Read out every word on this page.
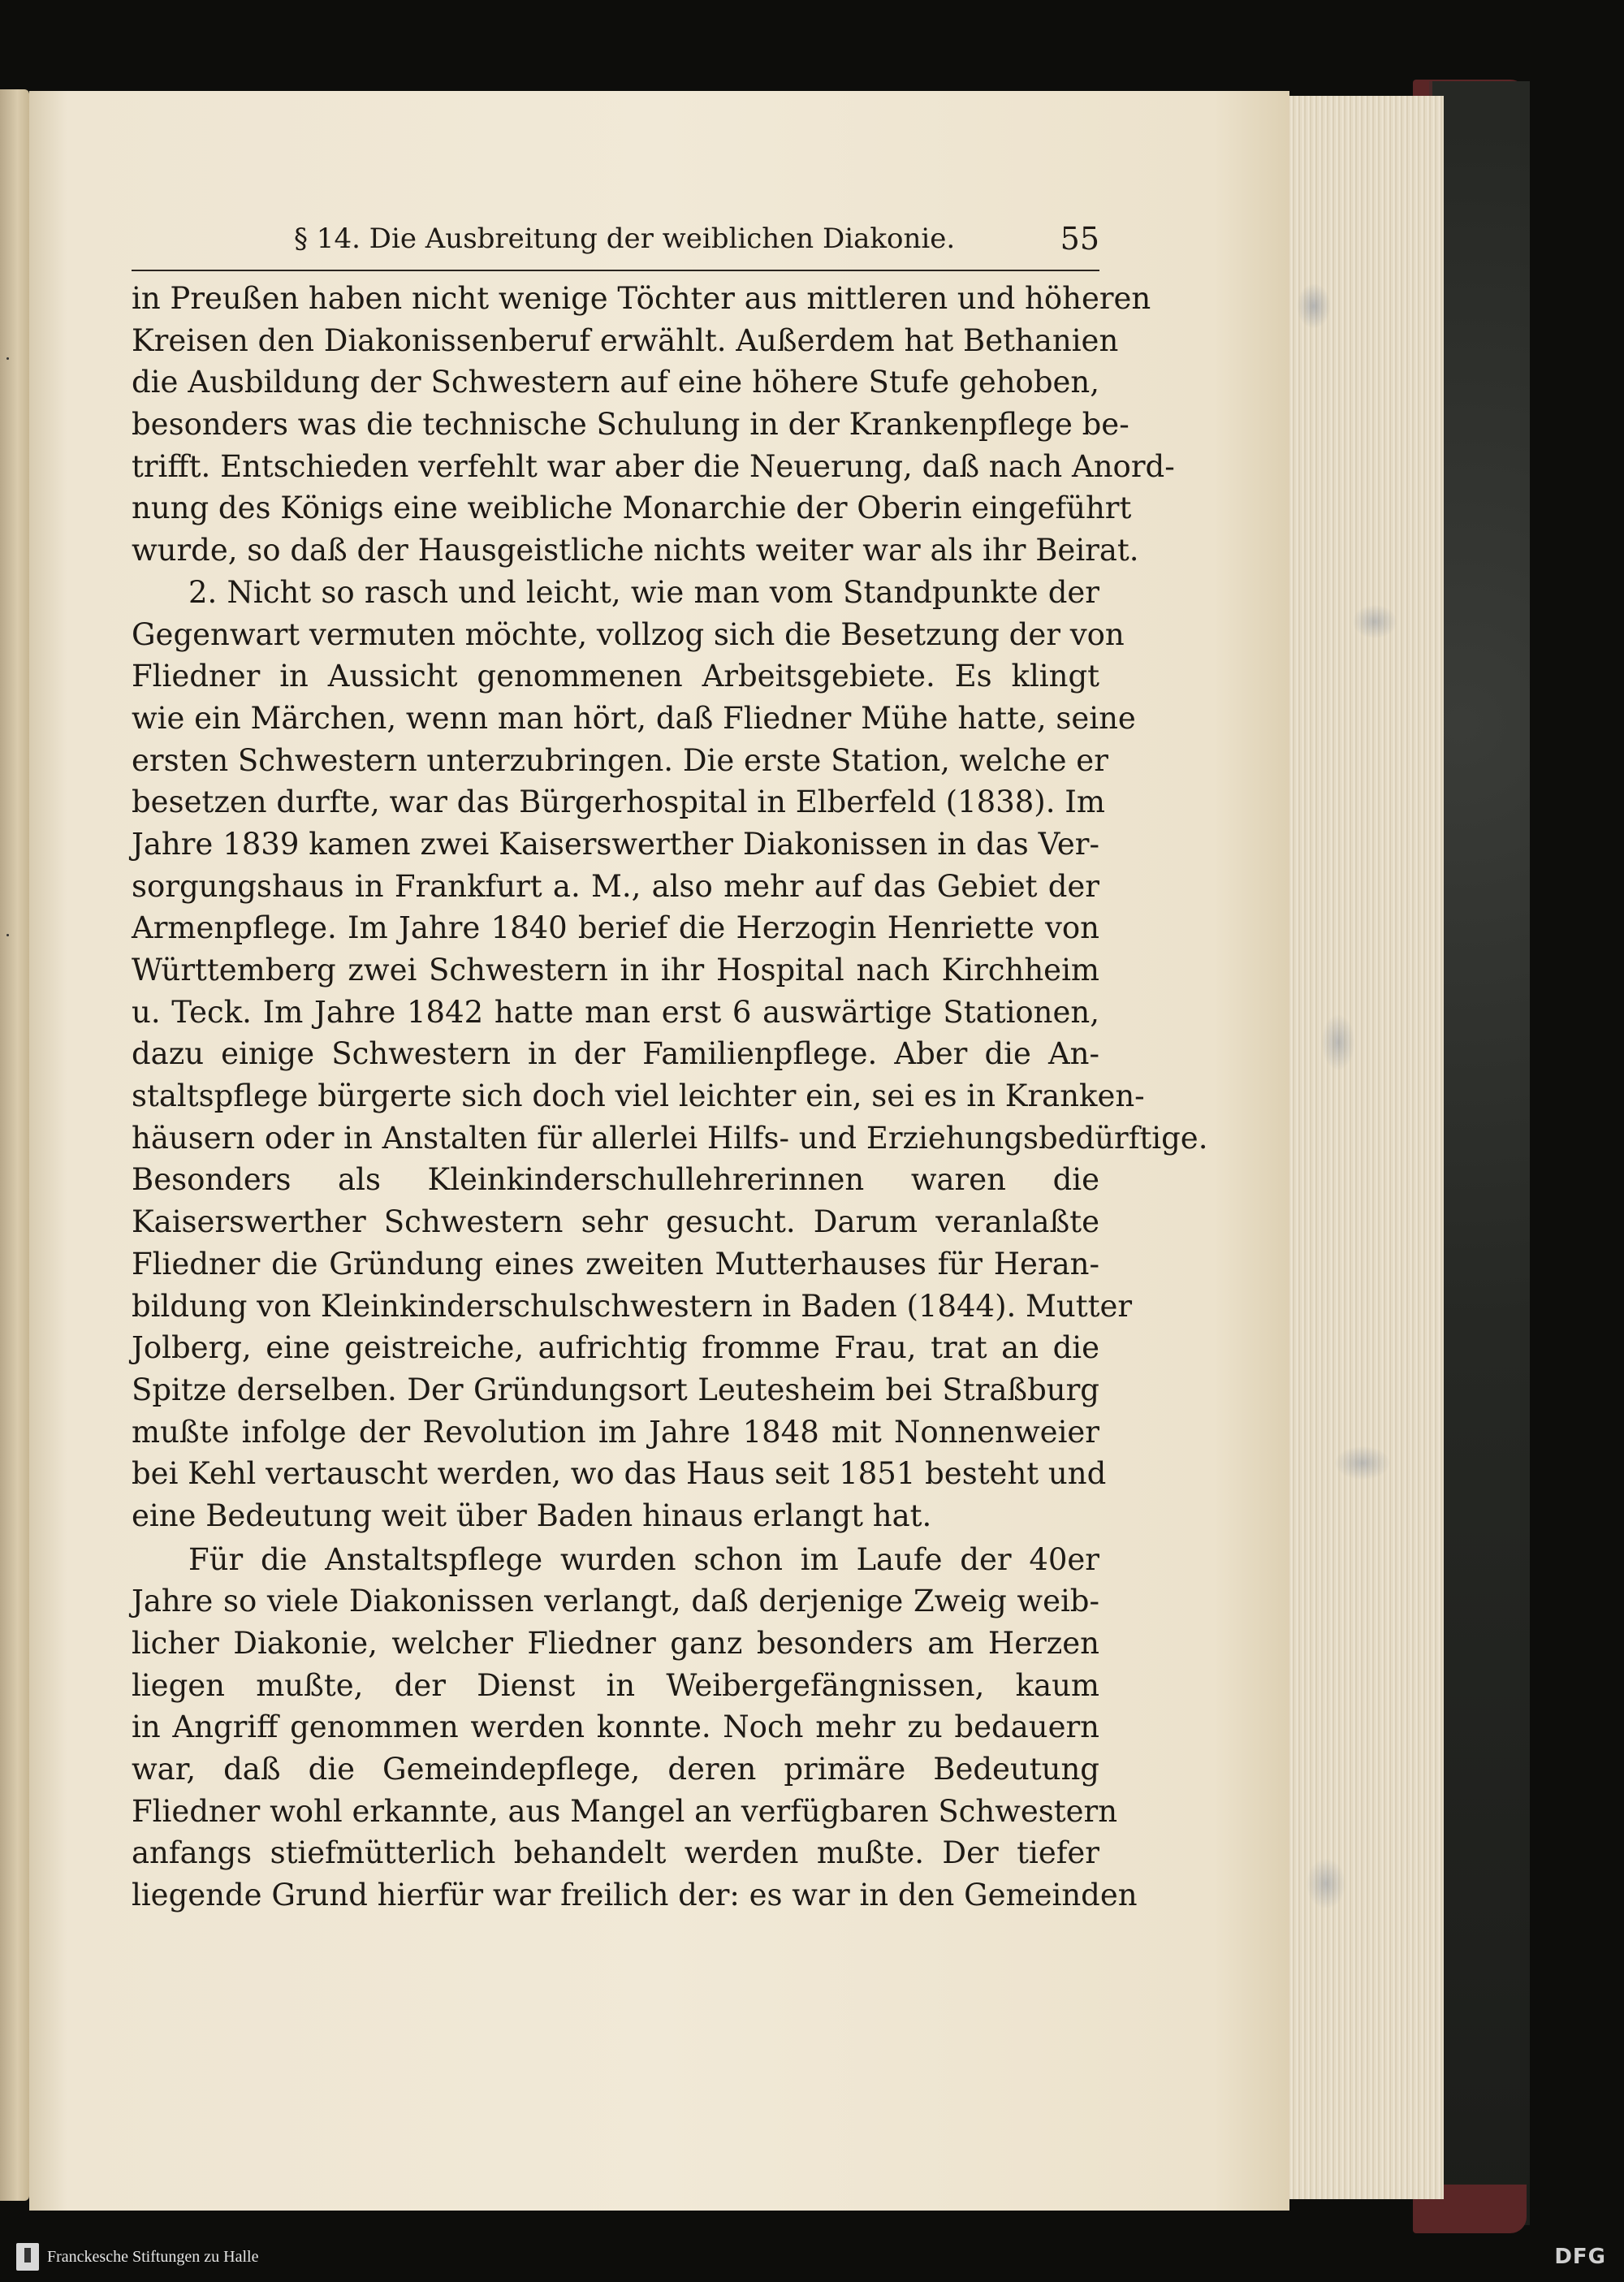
§ 14. Die Ausbreitung der weiblichen Diakonie.	55
in Preußen haben nicht wenige Töchter aus mittleren und höheren
Kreisen den Diakonissenberuf erwählt. Außerdem hat Bethanien
die Ausbildung der Schwestern auf eine höhere Stufe gehoben,
besonders was die technische Schulung in der Krankenpflege be-
trifft. Entschieden verfehlt war aber die Neuerung, daß nach Anord-
nung des Königs eine weibliche Monarchie der Oberin eingeführt
wurde, so daß der Hausgeistliche nichts weiter war als ihr Beirat.
2. Nicht so rasch und leicht, wie man vom Standpunkte der
Gegenwart vermuten möchte, vollzog sich die Besetzung der von
Fliedner in Aussicht genommenen Arbeitsgebiete. Es klingt
wie ein Märchen, wenn man hört, daß Fliedner Mühe hatte, seine
ersten Schwestern unterzubringen. Die erste Station, welche er
besetzen durfte, war das Bürgerhospital in Elberfeld (1838). Im
Jahre 1839 kamen zwei Kaiserswerther Diakonissen in das Ver-
sorgungshaus in Frankfurt a. M., also mehr auf das Gebiet der
Armenpflege. Im Jahre 1840 berief die Herzogin Henriette von
Württemberg zwei Schwestern in ihr Hospital nach Kirchheim
u. Teck. Im Jahre 1842 hatte man erst 6 auswärtige Stationen,
dazu einige Schwestern in der Familienpflege. Aber die An-
staltspflege bürgerte sich doch viel leichter ein, sei es in Kranken-
häusern oder in Anstalten für allerlei Hilfs- und Erziehungsbedürftige.
Besonders als Kleinkinderschullehrerinnen waren die
Kaiserswerther Schwestern sehr gesucht. Darum veranlaßte
Fliedner die Gründung eines zweiten Mutterhauses für Heran-
bildung von Kleinkinderschulschwestern in Baden (1844). Mutter
Jolberg, eine geistreiche, aufrichtig fromme Frau, trat an die
Spitze derselben. Der Gründungsort Leutesheim bei Straßburg
mußte infolge der Revolution im Jahre 1848 mit Nonnenweier
bei Kehl vertauscht werden, wo das Haus seit 1851 besteht und
eine Bedeutung weit über Baden hinaus erlangt hat.
Für die Anstaltspflege wurden schon im Laufe der 40er
Jahre so viele Diakonissen verlangt, daß derjenige Zweig weib-
licher Diakonie, welcher Fliedner ganz besonders am Herzen
liegen mußte, der Dienst in Weibergefängnissen, kaum
in Angriff genommen werden konnte. Noch mehr zu bedauern
war, daß die Gemeindepflege, deren primäre Bedeutung
Fliedner wohl erkannte, aus Mangel an verfügbaren Schwestern
anfangs stiefmütterlich behandelt werden mußte. Der tiefer
liegende Grund hierfür war freilich der: es war in den Gemeinden
Franckesche Stiftungen zu Halle	DFG
